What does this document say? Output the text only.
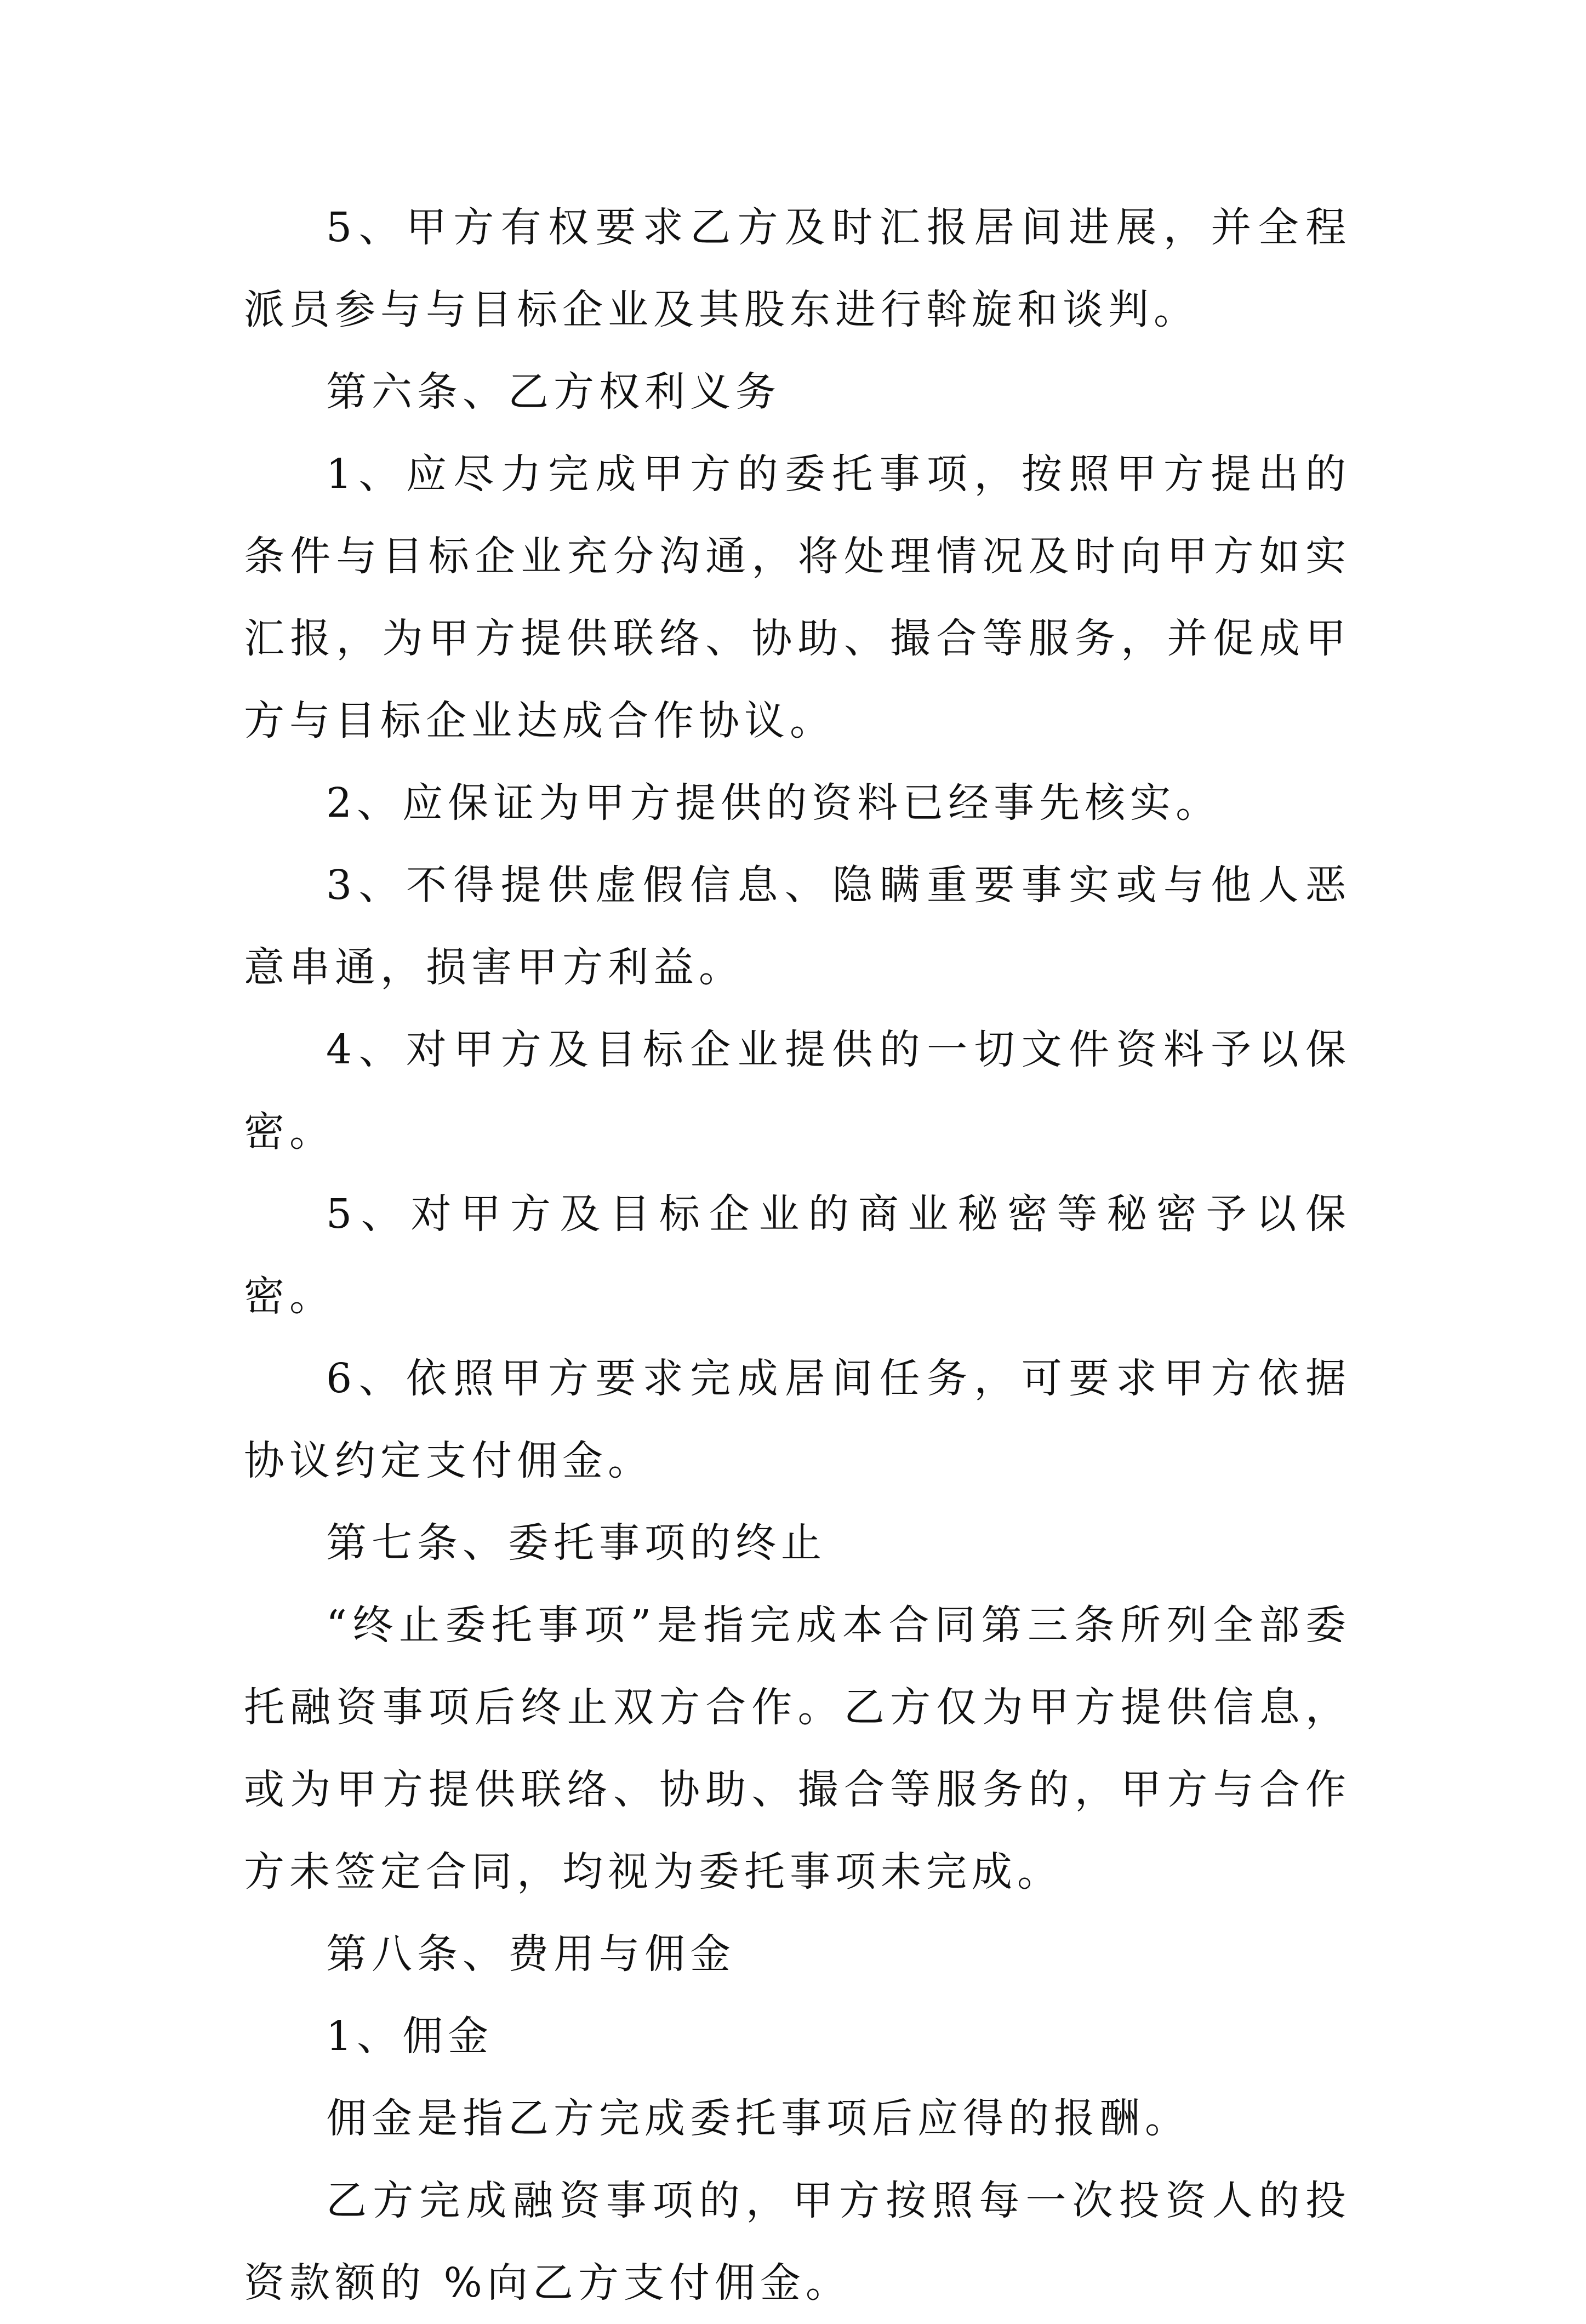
5、甲方有权要求乙方及时汇报居间进展，并全程派员参与与目标企业及其股东进行斡旋和谈判。

第六条、乙方权利义务

1、应尽力完成甲方的委托事项，按照甲方提出的条件与目标企业充分沟通，将处理情况及时向甲方如实汇报，为甲方提供联络、协助、撮合等服务，并促成甲方与目标企业达成合作协议。

2、应保证为甲方提供的资料已经事先核实。

3、不得提供虚假信息、隐瞒重要事实或与他人恶意串通，损害甲方利益。

4、对甲方及目标企业提供的一切文件资料予以保密。

5、对甲方及目标企业的商业秘密等秘密予以保密。

6、依照甲方要求完成居间任务，可要求甲方依据协议约定支付佣金。

第七条、委托事项的终止

“终止委托事项”是指完成本合同第三条所列全部委托融资事项后终止双方合作。乙方仅为甲方提供信息，或为甲方提供联络、协助、撮合等服务的，甲方与合作方未签定合同，均视为委托事项未完成。

第八条、费用与佣金

1、佣金

佣金是指乙方完成委托事项后应得的报酬。

乙方完成融资事项的，甲方按照每一次投资人的投资款额的 %向乙方支付佣金。
